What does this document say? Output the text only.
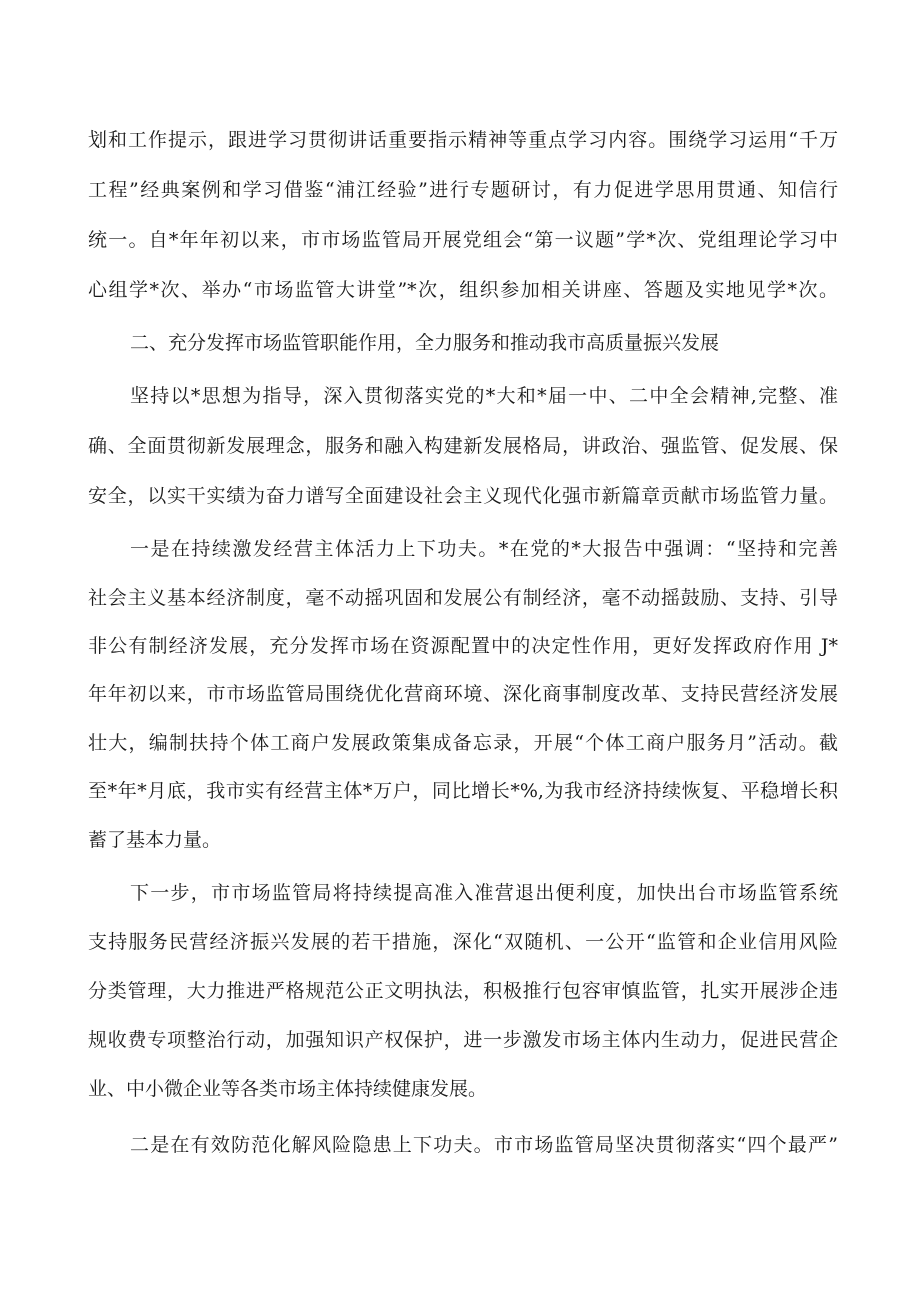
划和工作提示，跟进学习贯彻讲话重要指示精神等重点学习内容。围绕学习运用“千万
工程”经典案例和学习借鉴“浦江经验”进行专题研讨，有力促进学思用贯通、知信行
统一。自*年年初以来，市市场监管局开展党组会“第一议题”学*次、党组理论学习中
心组学*次、举办“市场监管大讲堂”*次，组织参加相关讲座、答题及实地见学*次。
二、充分发挥市场监管职能作用，全力服务和推动我市高质量振兴发展
坚持以*思想为指导，深入贯彻落实党的*大和*届一中、二中全会精神,完整、准
确、全面贯彻新发展理念，服务和融入构建新发展格局，讲政治、强监管、促发展、保
安全，以实干实绩为奋力谱写全面建设社会主义现代化强市新篇章贡献市场监管力量。
一是在持续激发经营主体活力上下功夫。*在党的*大报告中强调：“坚持和完善
社会主义基本经济制度，毫不动摇巩固和发展公有制经济，毫不动摇鼓励、支持、引导
非公有制经济发展，充分发挥市场在资源配置中的决定性作用，更好发挥政府作用 J*
年年初以来，市市场监管局围绕优化营商环境、深化商事制度改革、支持民营经济发展
壮大，编制扶持个体工商户发展政策集成备忘录，开展“个体工商户服务月”活动。截
至*年*月底，我市实有经营主体*万户，同比增长*%,为我市经济持续恢复、平稳增长积
蓄了基本力量。
下一步，市市场监管局将持续提高准入准营退出便利度，加快出台市场监管系统
支持服务民营经济振兴发展的若干措施，深化“双随机、一公开“监管和企业信用风险
分类管理，大力推进严格规范公正文明执法，积极推行包容审慎监管，扎实开展涉企违
规收费专项整治行动，加强知识产权保护，进一步激发市场主体内生动力，促进民营企
业、中小微企业等各类市场主体持续健康发展。
二是在有效防范化解风险隐患上下功夫。市市场监管局坚决贯彻落实“四个最严”
